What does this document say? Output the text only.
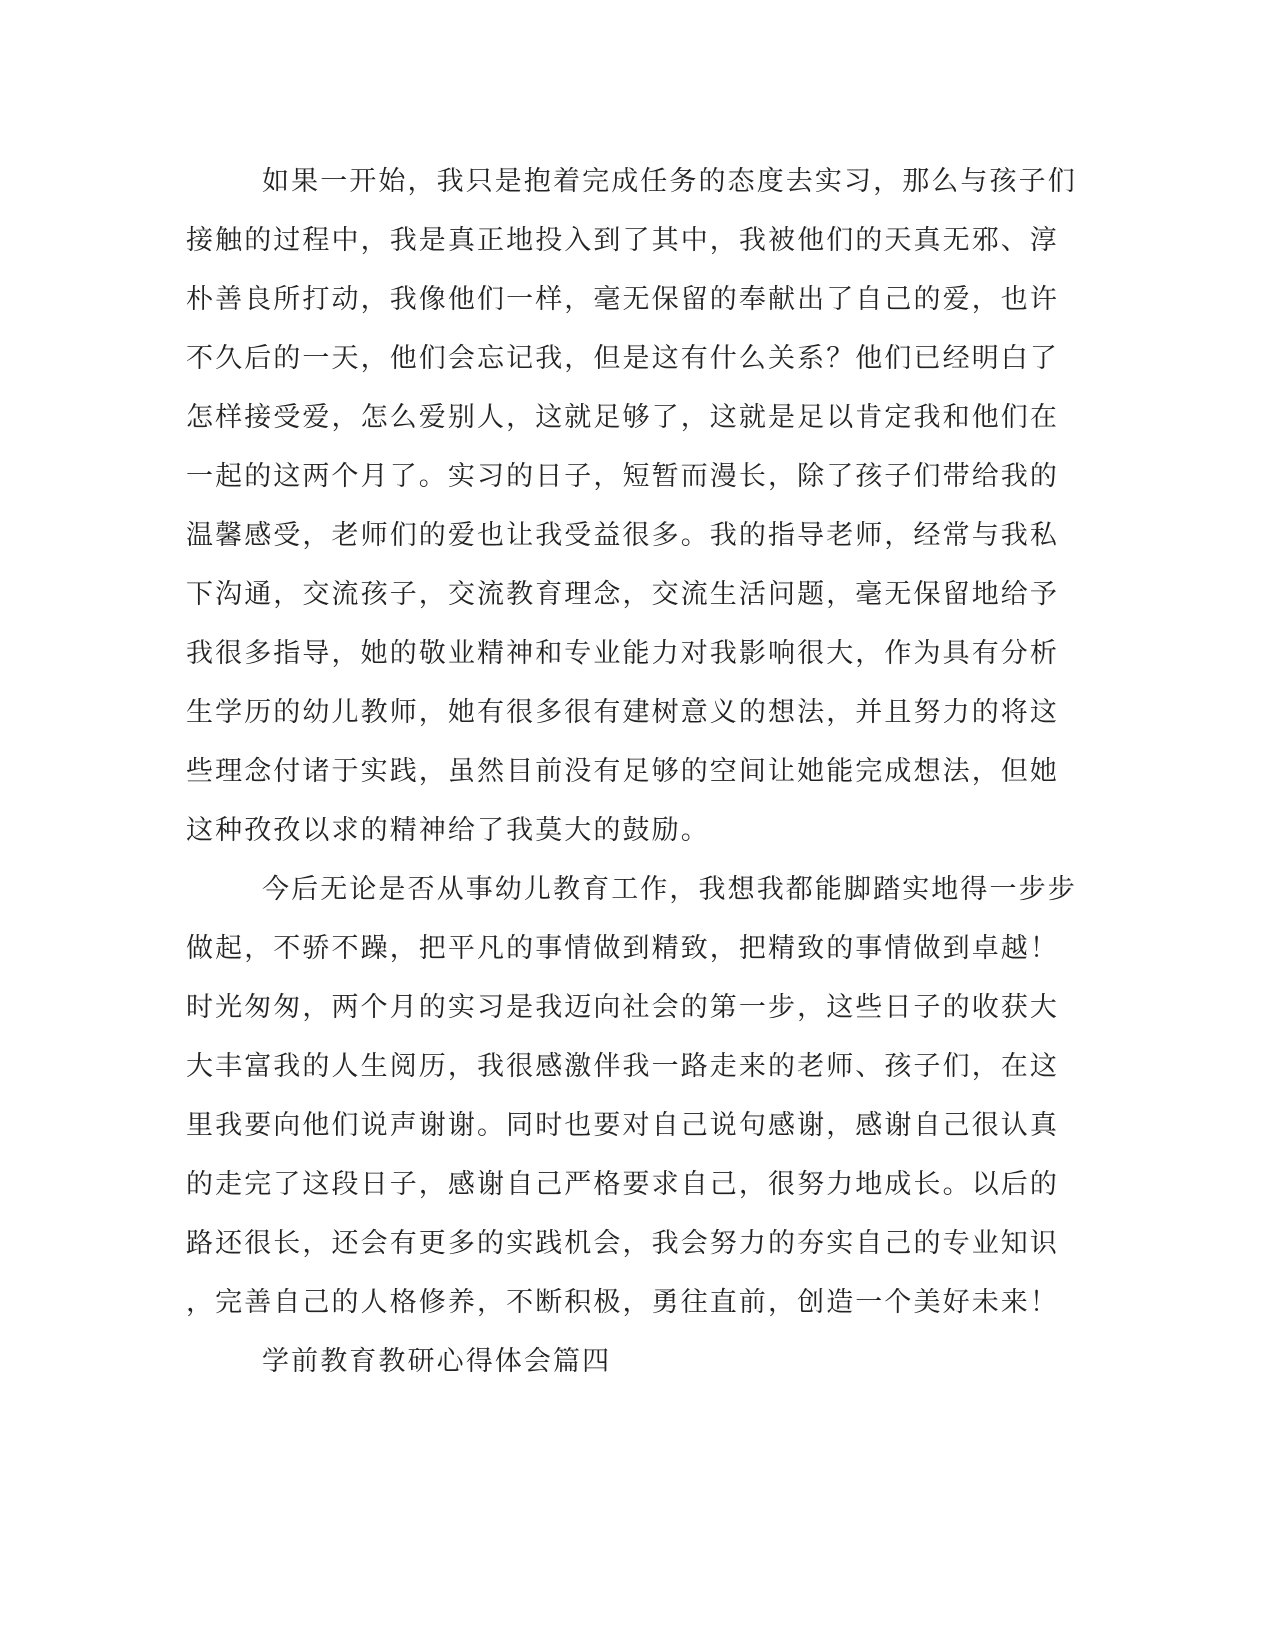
如果一开始，我只是抱着完成任务的态度去实习，那么与孩子们
接触的过程中，我是真正地投入到了其中，我被他们的天真无邪、淳
朴善良所打动，我像他们一样，毫无保留的奉献出了自己的爱，也许
不久后的一天，他们会忘记我，但是这有什么关系？他们已经明白了
怎样接受爱，怎么爱别人，这就足够了，这就是足以肯定我和他们在
一起的这两个月了。实习的日子，短暂而漫长，除了孩子们带给我的
温馨感受，老师们的爱也让我受益很多。我的指导老师，经常与我私
下沟通，交流孩子，交流教育理念，交流生活问题，毫无保留地给予
我很多指导，她的敬业精神和专业能力对我影响很大，作为具有分析
生学历的幼儿教师，她有很多很有建树意义的想法，并且努力的将这
些理念付诸于实践，虽然目前没有足够的空间让她能完成想法，但她
这种孜孜以求的精神给了我莫大的鼓励。
今后无论是否从事幼儿教育工作，我想我都能脚踏实地得一步步
做起，不骄不躁，把平凡的事情做到精致，把精致的事情做到卓越！
时光匆匆，两个月的实习是我迈向社会的第一步，这些日子的收获大
大丰富我的人生阅历，我很感激伴我一路走来的老师、孩子们，在这
里我要向他们说声谢谢。同时也要对自己说句感谢，感谢自己很认真
的走完了这段日子，感谢自己严格要求自己，很努力地成长。以后的
路还很长，还会有更多的实践机会，我会努力的夯实自己的专业知识
，完善自己的人格修养，不断积极，勇往直前，创造一个美好未来！
学前教育教研心得体会篇四
